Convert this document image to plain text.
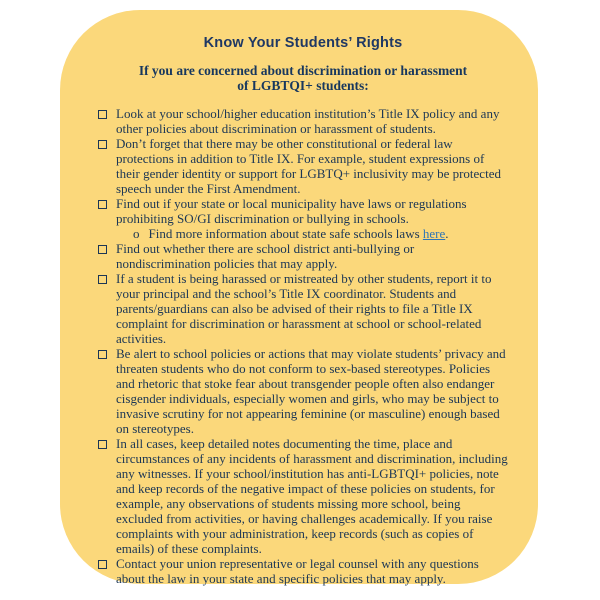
Know Your Students’ Rights
If you are concerned about discrimination or harassment
of LGBTQI+ students:
Look at your school/higher education institution’s Title IX policy and any other policies about discrimination or harassment of students.
Don’t forget that there may be other constitutional or federal law protections in addition to Title IX. For example, student expressions of their gender identity or support for LGBTQ+ inclusivity may be protected speech under the First Amendment.
Find out if your state or local municipality have laws or regulations prohibiting SO/GI discrimination or bullying in schools.
o Find more information about state safe schools laws here.
Find out whether there are school district anti-bullying or nondiscrimination policies that may apply.
If a student is being harassed or mistreated by other students, report it to your principal and the school’s Title IX coordinator. Students and parents/guardians can also be advised of their rights to file a Title IX complaint for discrimination or harassment at school or school-related activities.
Be alert to school policies or actions that may violate students’ privacy and threaten students who do not conform to sex-based stereotypes. Policies and rhetoric that stoke fear about transgender people often also endanger cisgender individuals, especially women and girls, who may be subject to invasive scrutiny for not appearing feminine (or masculine) enough based on stereotypes.
In all cases, keep detailed notes documenting the time, place and circumstances of any incidents of harassment and discrimination, including any witnesses. If your school/institution has anti-LGBTQI+ policies, note and keep records of the negative impact of these policies on students, for example, any observations of students missing more school, being excluded from activities, or having challenges academically. If you raise complaints with your administration, keep records (such as copies of emails) of these complaints.
Contact your union representative or legal counsel with any questions about the law in your state and specific policies that may apply.
